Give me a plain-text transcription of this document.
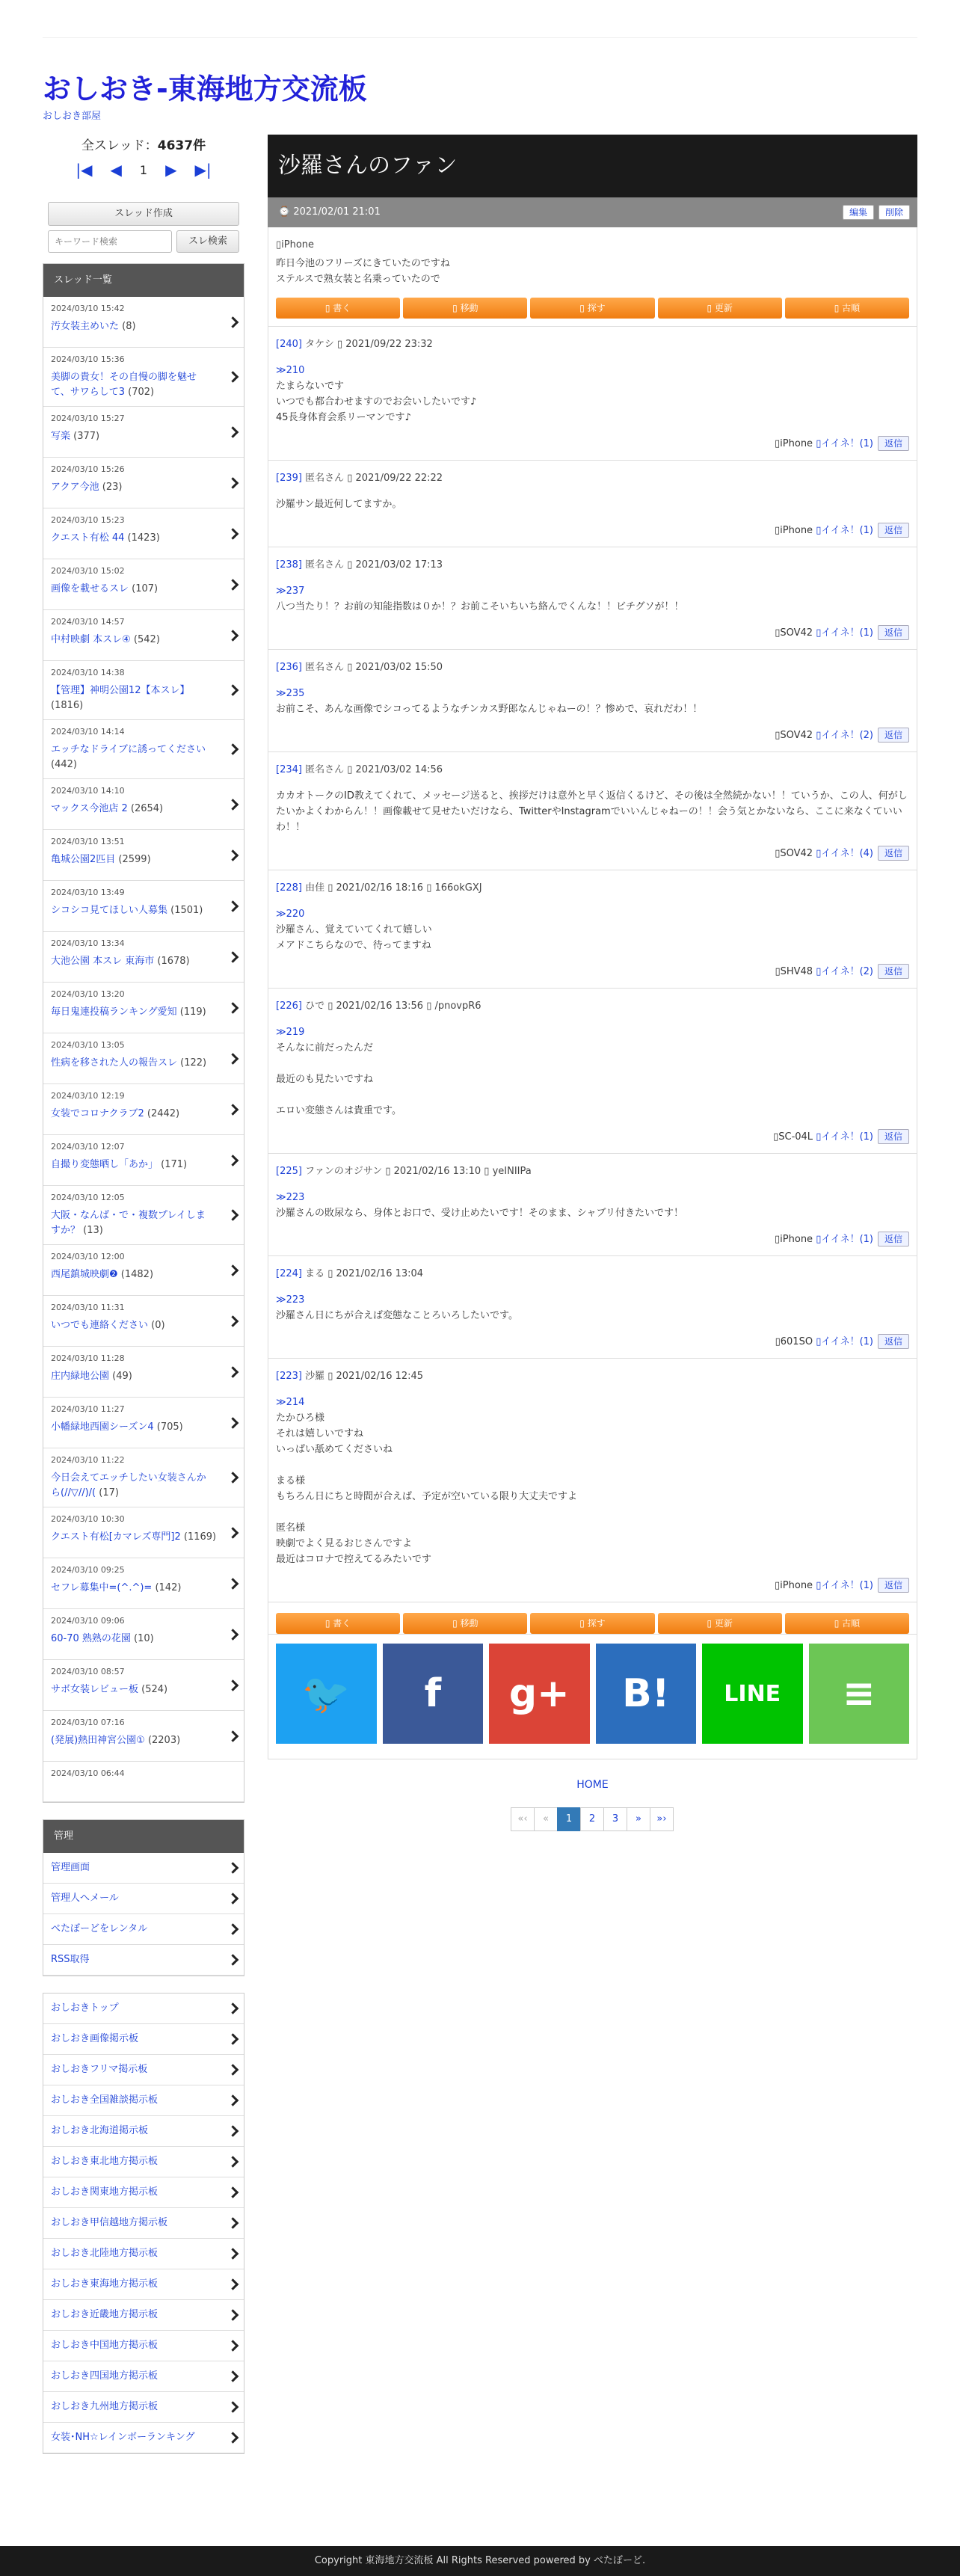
おしおき-東海地方交流板
おしおき部屋
全スレッド：4637件
|◀ ◀ 1 ▶ ▶|
スレッド作成
キーワード検索
スレ検索
スレッド一覧
2024/03/10 15:42
汚女装主めいた (8)
2024/03/10 15:36
美脚の貴女！その自慢の脚を魅せ
て、サワらして3 (702)
2024/03/10 15:27
写楽 (377)
2024/03/10 15:26
アクア今池 (23)
2024/03/10 15:23
クエスト有松 44 (1423)
2024/03/10 15:02
画像を載せるスレ (107)
2024/03/10 14:57
中村映劇 本スレ④ (542)
2024/03/10 14:38
【管理】神明公園12【本スレ】 (1816)
2024/03/10 14:14
エッチなドライブに誘ってください (442)
2024/03/10 14:10
マックス今池店 2 (2654)
2024/03/10 13:51
亀城公園2匹目 (2599)
2024/03/10 13:49
シコシコ見てほしい人募集 (1501)
2024/03/10 13:34
大池公園 本スレ 東海市 (1678)
2024/03/10 13:20
毎日鬼連投稿ランキング愛知 (119)
2024/03/10 13:05
性病を移された人の報告スレ (122)
2024/03/10 12:19
女装でコロナクラブ2 (2442)
2024/03/10 12:07
自撮り変態晒し「あか」 (171)
2024/03/10 12:05
大阪・なんば・で・複数プレイしま
すか？ (13)
2024/03/10 12:00
西尾鎮城映劇❷ (1482)
2024/03/10 11:31
いつでも連絡ください (0)
2024/03/10 11:28
庄内緑地公園 (49)
2024/03/10 11:27
小幡緑地西園シーズン4 (705)
2024/03/10 11:22
今日会えてエッチしたい女装さんか
ら(//▽//)/( (17)
2024/03/10 10:30
クエスト有松[カマレズ専門]2 (1169)
2024/03/10 09:25
セフレ募集中=(^.^)= (142)
2024/03/10 09:06
60-70 熟熟の花園 (10)
2024/03/10 08:57
サボ女装レビュー板 (524)
2024/03/10 07:16
(発展)熱田神宮公園① (2203)
2024/03/10 06:44
管理
管理画面
管理人へメール
べたぼーどをレンタル
RSS取得
おしおきトップ
おしおき画像掲示板
おしおきフリマ掲示板
おしおき全国雑談掲示板
おしおき北海道掲示板
おしおき東北地方掲示板
おしおき関東地方掲示板
おしおき甲信越地方掲示板
おしおき北陸地方掲示板
おしおき東海地方掲示板
おしおき近畿地方掲示板
おしおき中国地方掲示板
おしおき四国地方掲示板
おしおき九州地方掲示板
女装･NH☆レインボーランキング
沙羅さんのファン
⌚ 2021/02/01 21:01	編集	削除
▯iPhone
昨日今池のフリーズにきていたのですね
ステルスで熟女装と名乗っていたので
▯ 書く	▯ 移動	▯ 探す	▯ 更新	▯ 古順
[240] タケシ ▯ 2021/09/22 23:32
≫210
たまらないです
いつでも都合わせますのでお会いしたいです♪
45長身体育会系リーマンです♪
▯iPhone ▯イイネ！(1) 返信
[239] 匿名さん ▯ 2021/09/22 22:22
沙羅サン最近何してますか。
▯iPhone ▯イイネ！(1) 返信
[238] 匿名さん ▯ 2021/03/02 17:13
≫237
八つ当たり！？お前の知能指数は０か！？お前こそいちいち絡んでくんな！！ビチグソが！！
▯SOV42 ▯イイネ！(1) 返信
[236] 匿名さん ▯ 2021/03/02 15:50
≫235
お前こそ、あんな画像でシコってるようなチンカス野郎なんじゃねーの！？惨めで、哀れだわ！！
▯SOV42 ▯イイネ！(2) 返信
[234] 匿名さん ▯ 2021/03/02 14:56
カカオトークのID教えてくれて、メッセージ送ると、挨拶だけは意外と早く返信くるけど、その後は全然続かない！！ていうか、この人、何がしたいかよくわからん！！画像載せて見せたいだけなら、TwitterやInstagramでいいんじゃねーの！！会う気とかないなら、ここに来なくていいわ！！
▯SOV42 ▯イイネ！(4) 返信
[228] 由佳 ▯ 2021/02/16 18:16 ▯ 166okGXJ
≫220
沙羅さん、覚えていてくれて嬉しい
メアドこちらなので、待ってますね
▯SHV48 ▯イイネ！(2) 返信
[226] ひで ▯ 2021/02/16 13:56 ▯ /pnovpR6
≫219
そんなに前だったんだ

最近のも見たいですね

エロい変態さんは貴重です。
▯SC-04L ▯イイネ！(1) 返信
[225] ファンのオジサン ▯ 2021/02/16 13:10 ▯ yeINIIPa
≫223
沙羅さんの敗尿なら、身体とお口で、受け止めたいです！そのまま、シャブリ付きたいです！
▯iPhone ▯イイネ！(1) 返信
[224] まる ▯ 2021/02/16 13:04
≫223
沙羅さん日にちが合えば変態なことろいろしたいです。
▯601SO ▯イイネ！(1) 返信
[223] 沙羅 ▯ 2021/02/16 12:45
≫214
たかひろ様
それは嬉しいですね
いっぱい舐めてくださいね

まる様
もちろん日にちと時間が合えば、予定が空いている限り大丈夫ですよ

匿名様
映劇でよく見るおじさんですよ
最近はコロナで控えてるみたいです
▯iPhone ▯イイネ！(1) 返信
▯ 書く	▯ 移動	▯ 探す	▯ 更新	▯ 古順
🐦 f g+ B! LINE ≡
HOME
«‹	«	1	2	3	»	»›
Copyright 東海地方交流板 All Rights Reserved powered by べたぼーど.
